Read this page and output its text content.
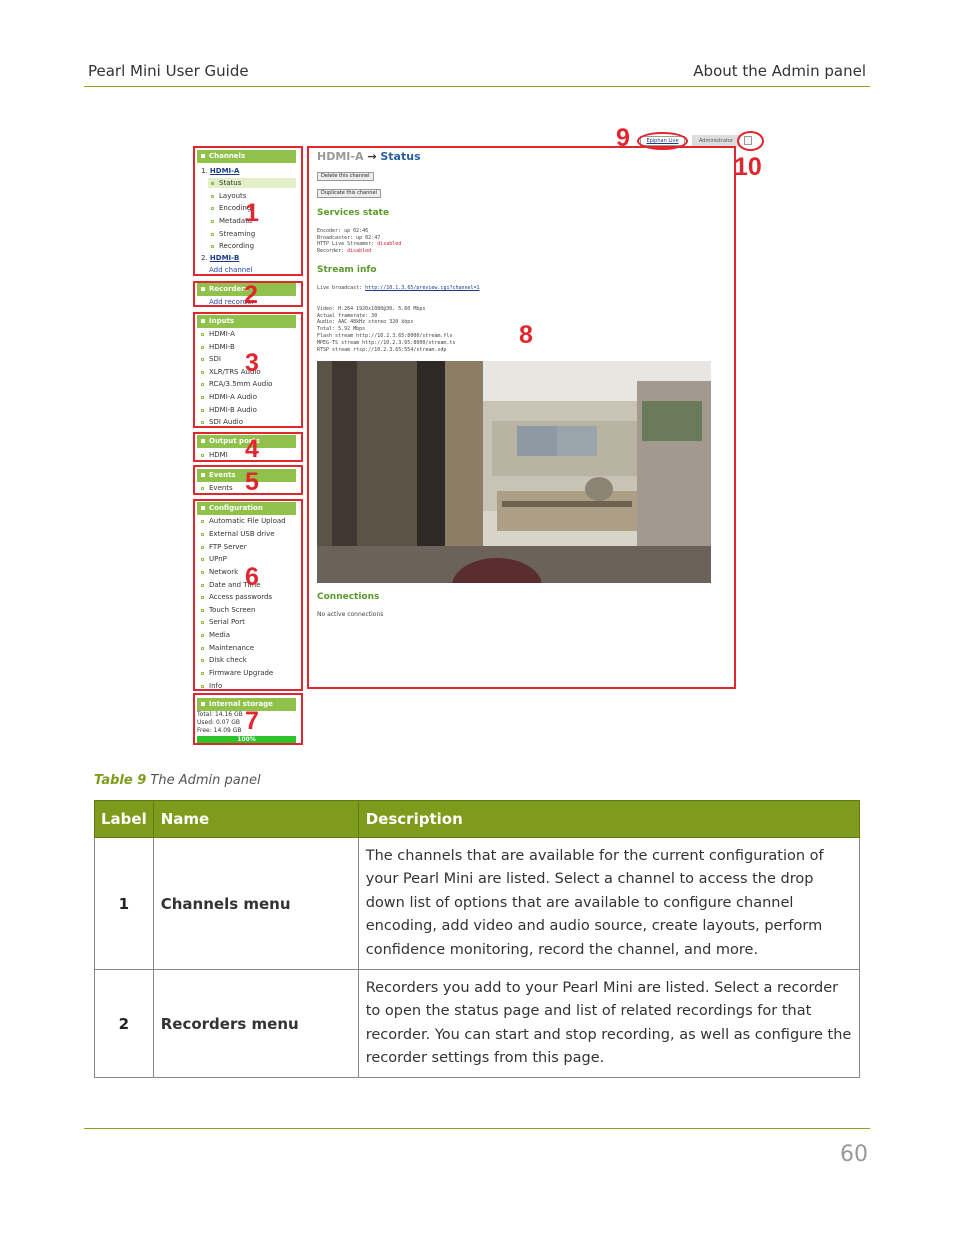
Pearl Mini User Guide	About the Admin panel
Channels
1. HDMI-A
Status
Layouts
Encoding
Metadata
Streaming
Recording
2. HDMI-B
Add channel
Recorders
Add recorder
Inputs
HDMI-A
HDMI-B
SDI
XLR/TRS Audio
RCA/3.5mm Audio
HDMI-A Audio
HDMI-B Audio
SDI Audio
Output ports
HDMI
Events
Events
Configuration
Automatic File Upload
External USB drive
FTP Server
UPnP
Network
Date and Time
Access passwords
Touch Screen
Serial Port
Media
Maintenance
Disk check
Firmware Upgrade
Info
Internal storage
Total: 14.16 GB
Used: 0.07 GB
Free: 14.09 GB
100%
HDMI-A → Status
Delete this channel
Duplicate this channel
Services state
Encoder: up 02:46
Broadcaster: up 02:47
HTTP Live Streamer: disabled
Recorder: disabled
Stream info
Live broadcast: http://10.1.3.65/preview.cgi?channel=1
Video: H.264 1920x1080@30, 5.60 Mbps
Actual framerate: 30
Audio: AAC 48kHz stereo 320 kbps
Total: 5.92 Mbps
Flash stream http://10.2.3.65:8000/stream.flv
MPEG-TS stream http://10.2.3.65:8000/stream.ts
RTSP stream rtsp://10.2.3.65:554/stream.sdp
Connections
No active connections
Epiphan Live	Administrator
1
2
3
4
5
6
7
8
9
10
Table 9 The Admin panel
Label	Name	Description
1	Channels menu	The channels that are available for the current configuration of your Pearl Mini are listed. Select a channel to access the drop down list of options that are available to configure channel encoding, add video and audio source, create layouts, perform confidence monitoring, record the channel, and more.
2	Recorders menu	Recorders you add to your Pearl Mini are listed. Select a recorder to open the status page and list of related recordings for that recorder. You can start and stop recording, as well as configure the recorder settings from this page.
60
